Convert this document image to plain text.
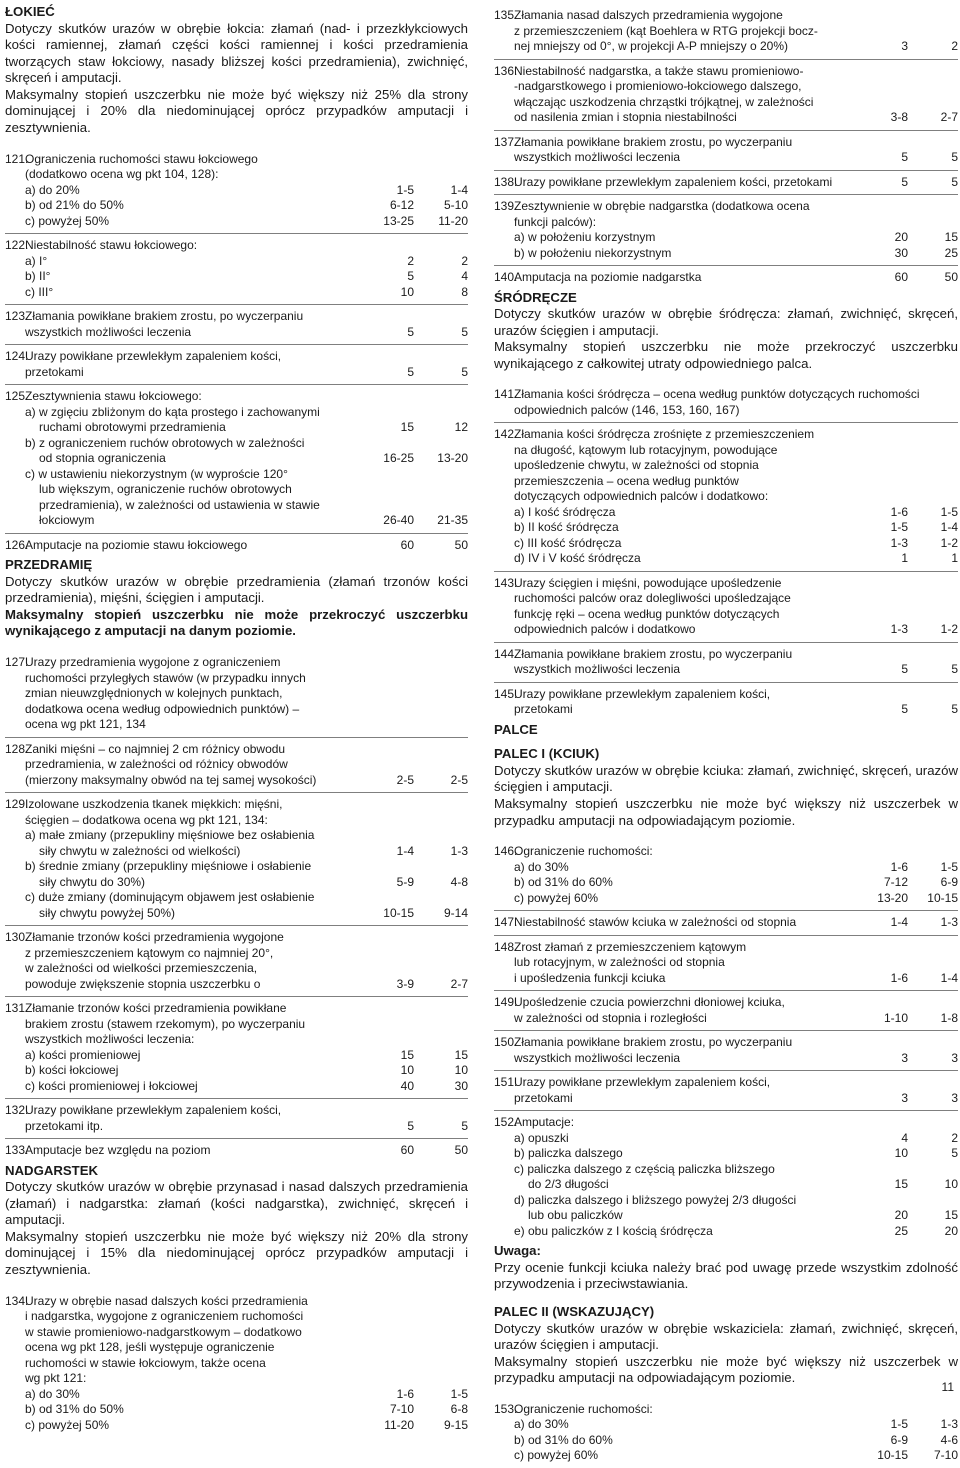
ŁOKIEĆ

Dotyczy skutków urazów w obrębie łokcia: złamań (nad- i przezkłykciowych kości ramiennej, złamań części kości ramiennej i kości przedramienia tworzących staw łokciowy, nasady bliższej kości przedramienia), zwichnięć, skręceń i amputacji.

Maksymalny stopień uszczerbku nie może być większy niż 25% dla strony dominującej i 20% dla niedominującej oprócz przypadków amputacji i zesztywnienia.

121.
Ograniczenia ruchomości stawu łokciowego
(dodatkowo ocena wg pkt 104, 128):
a) do 20%	1-5	1-4
b) od 21% do 50%	6-12	5-10
c) powyżej 50%	13-25	11-20
122.
Niestabilność stawu łokciowego:
a) I°	2	2
b) II°	5	4
c) III°	10	8
123.
Złamania powikłane brakiem zrostu, po wyczerpaniu
wszystkich możliwości leczenia	5	5
124.
Urazy powikłane przewlekłym zapaleniem kości,
przetokami	5	5
125.
Zesztywnienia stawu łokciowego:
a) w zgięciu zbliżonym do kąta prostego i zachowanymi
ruchami obrotowymi przedramienia	15	12
b) z ograniczeniem ruchów obrotowych w zależności
od stopnia ograniczenia	16-25	13-20
c) w ustawieniu niekorzystnym (w wyproście 120°
lub większym, ograniczenie ruchów obrotowych
przedramienia), w zależności od ustawienia w stawie
łokciowym	26-40	21-35
126.
Amputacje na poziomie stawu łokciowego	60	50

PRZEDRAMIĘ

Dotyczy skutków urazów w obrębie przedramienia (złamań trzonów kości przedramienia), mięśni, ścięgien i amputacji.

Maksymalny stopień uszczerbku nie może przekroczyć uszczerbku wynikającego z amputacji na danym poziomie.

127.
Urazy przedramienia wygojone z ograniczeniem
ruchomości przyległych stawów (w przypadku innych
zmian nieuwzględnionych w kolejnych punktach,
dodatkowa ocena według odpowiednich punktów) –
ocena wg pkt 121, 134
128.
Zaniki mięśni – co najmniej 2 cm różnicy obwodu
przedramienia, w zależności od różnicy obwodów
(mierzony maksymalny obwód na tej samej wysokości)	2-5	2-5
129.
Izolowane uszkodzenia tkanek miękkich: mięśni,
ścięgien – dodatkowa ocena wg pkt 121, 134:
a) małe zmiany (przepukliny mięśniowe bez osłabienia
siły chwytu w zależności od wielkości)	1-4	1-3
b) średnie zmiany (przepukliny mięśniowe i osłabienie
siły chwytu do 30%)	5-9	4-8
c) duże zmiany (dominującym objawem jest osłabienie
siły chwytu powyżej 50%)	10-15	9-14
130.
Złamanie trzonów kości przedramienia wygojone
z przemieszczeniem kątowym co najmniej 20°,
w zależności od wielkości przemieszczenia,
powoduje zwiększenie stopnia uszczerbku o	3-9	2-7
131.
Złamanie trzonów kości przedramienia powikłane
brakiem zrostu (stawem rzekomym), po wyczerpaniu
wszystkich możliwości leczenia:
a) kości promieniowej	15	15
b) kości łokciowej	10	10
c) kości promieniowej i łokciowej	40	30
132.
Urazy powikłane przewlekłym zapaleniem kości,
przetokami itp.	5	5
133.
Amputacje bez względu na poziom	60	50

NADGARSTEK

Dotyczy skutków urazów w obrębie przynasad i nasad dalszych przedramienia (złamań) i nadgarstka: złamań (kości nadgarstka), zwichnięć, skręceń i amputacji.

Maksymalny stopień uszczerbku nie może być większy niż 20% dla strony dominującej i 15% dla niedominującej oprócz przypadków amputacji i zesztywnienia.

134.
Urazy w obrębie nasad dalszych kości przedramienia
i nadgarstka, wygojone z ograniczeniem ruchomości
w stawie promieniowo-nadgarstkowym – dodatkowo
ocena wg pkt 128, jeśli występuje ograniczenie
ruchomości w stawie łokciowym, także ocena
wg pkt 121:
a) do 30%	1-6	1-5
b) od 31% do 50%	7-10	6-8
c) powyżej 50%	11-20	9-15
135.
Złamania nasad dalszych przedramienia wygojone
z przemieszczeniem (kąt Boehlera w RTG projekcji bocz-
nej mniejszy od 0°, w projekcji A-P mniejszy o 20%)	3	2
136.
Niestabilność nadgarstka, a także stawu promieniowo-
-nadgarstkowego i promieniowo-łokciowego dalszego,
włączając uszkodzenia chrząstki trójkątnej, w zależności
od nasilenia zmian i stopnia niestabilności	3-8	2-7
137.
Złamania powikłane brakiem zrostu, po wyczerpaniu
wszystkich możliwości leczenia	5	5
138.
Urazy powikłane przewlekłym zapaleniem kości, przetokami	5	5
139.
Zesztywnienie w obrębie nadgarstka (dodatkowa ocena
funkcji palców):
a) w położeniu korzystnym	20	15
b) w położeniu niekorzystnym	30	25
140.
Amputacja na poziomie nadgarstka	60	50

ŚRÓDRĘCZE

Dotyczy skutków urazów w obrębie śródręcza: złamań, zwichnięć, skręceń, urazów ścięgien i amputacji.

Maksymalny stopień uszczerbku nie może przekroczyć uszczerbku wynikającego z całkowitej utraty odpowiedniego palca.

141.
Złamania kości śródręcza – ocena według punktów dotyczących ruchomości
odpowiednich palców (146, 153, 160, 167)
142.
Złamania kości śródręcza zrośnięte z przemieszczeniem
na długość, kątowym lub rotacyjnym, powodujące
upośledzenie chwytu, w zależności od stopnia
przemieszczenia – ocena według punktów
dotyczących odpowiednich palców i dodatkowo:
a) I kość śródręcza	1-6	1-5
b) II kość śródręcza	1-5	1-4
c) III kość śródręcza	1-3	1-2
d) IV i V kość śródręcza	1	1
143.
Urazy ścięgien i mięśni, powodujące upośledzenie
ruchomości palców oraz dolegliwości upośledzające
funkcję ręki – ocena według punktów dotyczących
odpowiednich palców i dodatkowo	1-3	1-2
144.
Złamania powikłane brakiem zrostu, po wyczerpaniu
wszystkich możliwości leczenia	5	5
145.
Urazy powikłane przewlekłym zapaleniem kości,
przetokami	5	5

PALCE

PALEC I (KCIUK)

Dotyczy skutków urazów w obrębie kciuka: złamań, zwichnięć, skręceń, urazów ścięgien i amputacji.

Maksymalny stopień uszczerbku nie może być większy niż uszczerbek w przypadku amputacji na odpowiadającym poziomie.

146.
Ograniczenie ruchomości:
a) do 30%	1-6	1-5
b) od 31% do 60%	7-12	6-9
c) powyżej 60%	13-20	10-15
147.
Niestabilność stawów kciuka w zależności od stopnia	1-4	1-3
148.
Zrost złamań z przemieszczeniem kątowym
lub rotacyjnym, w zależności od stopnia
i upośledzenia funkcji kciuka	1-6	1-4
149.
Upośledzenie czucia powierzchni dłoniowej kciuka,
w zależności od stopnia i rozległości	1-10	1-8
150.
Złamania powikłane brakiem zrostu, po wyczerpaniu
wszystkich możliwości leczenia	3	3
151.
Urazy powikłane przewlekłym zapaleniem kości,
przetokami	3	3
152.
Amputacje:
a) opuszki	4	2
b) paliczka dalszego	10	5
c) paliczka dalszego z częścią paliczka bliższego
do 2/3 długości	15	10
d) paliczka dalszego i bliższego powyżej 2/3 długości
lub obu paliczków	20	15
e) obu paliczków z I kością śródręcza	25	20

Uwaga:

Przy ocenie funkcji kciuka należy brać pod uwagę przede wszystkim zdolność przywodzenia i przeciwstawiania.

PALEC II (WSKAZUJĄCY)

Dotyczy skutków urazów w obrębie wskaziciela: złamań, zwichnięć, skręceń, urazów ścięgien i amputacji.

Maksymalny stopień uszczerbku nie może być większy niż uszczerbek w przypadku amputacji na odpowiadającym poziomie.

153.
Ograniczenie ruchomości:
a) do 30%	1-5	1-3
b) od 31% do 60%	6-9	4-6
c) powyżej 60%	10-15	7-10
11
